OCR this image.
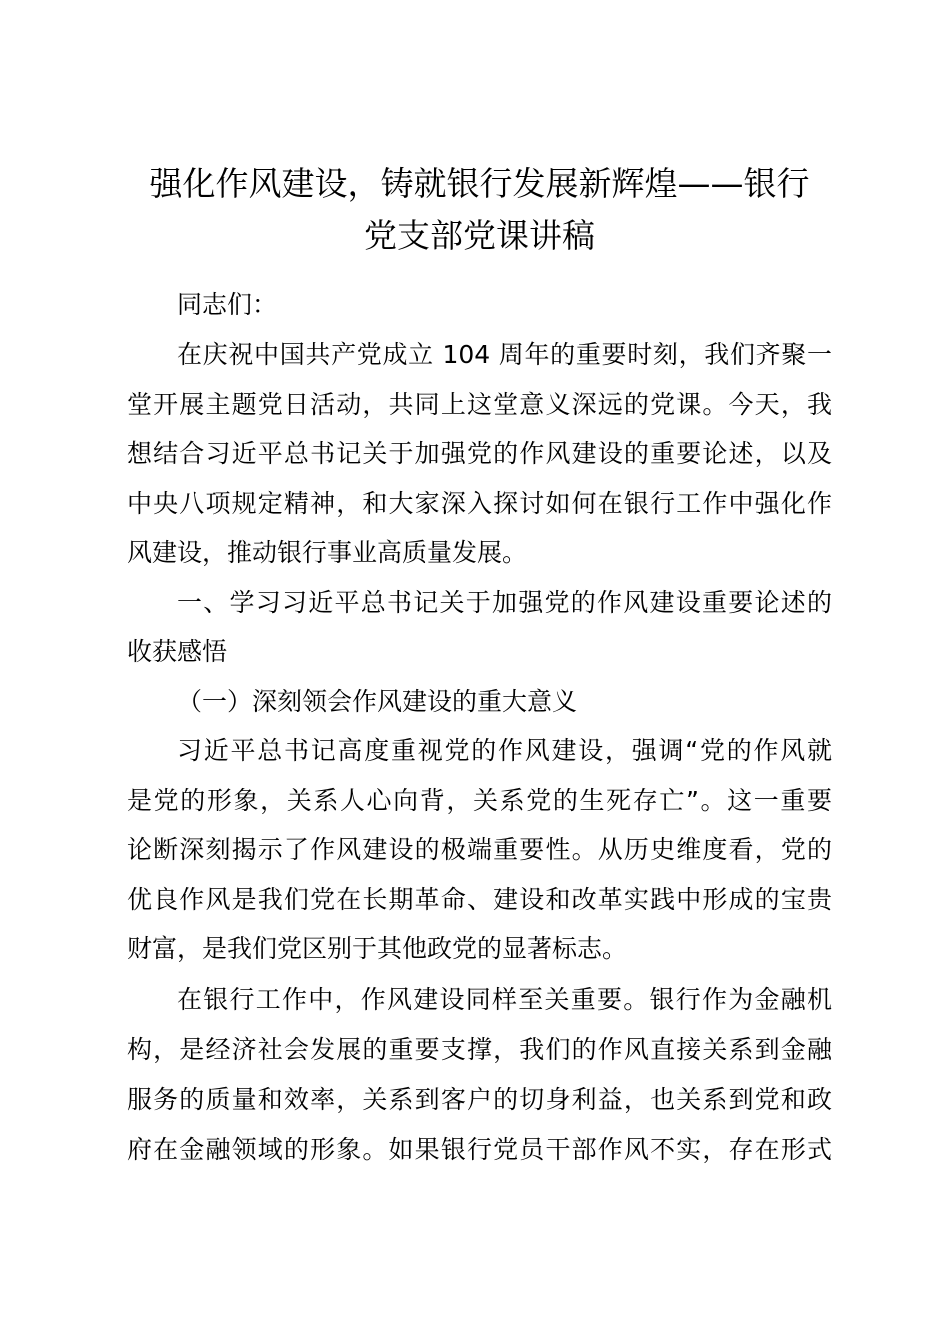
强化作风建设，铸就银行发展新辉煌——银行
党支部党课讲稿

同志们：

在庆祝中国共产党成立 104 周年的重要时刻，我们齐聚一

堂开展主题党日活动，共同上这堂意义深远的党课。今天，我

想结合习近平总书记关于加强党的作风建设的重要论述，以及

中央八项规定精神，和大家深入探讨如何在银行工作中强化作

风建设，推动银行事业高质量发展。

一、学习习近平总书记关于加强党的作风建设重要论述的

收获感悟

（一）深刻领会作风建设的重大意义

习近平总书记高度重视党的作风建设，强调“党的作风就

是党的形象，关系人心向背，关系党的生死存亡”。这一重要

论断深刻揭示了作风建设的极端重要性。从历史维度看，党的

优良作风是我们党在长期革命、建设和改革实践中形成的宝贵

财富，是我们党区别于其他政党的显著标志。

在银行工作中，作风建设同样至关重要。银行作为金融机

构，是经济社会发展的重要支撑，我们的作风直接关系到金融

服务的质量和效率，关系到客户的切身利益，也关系到党和政

府在金融领域的形象。如果银行党员干部作风不实，存在形式
